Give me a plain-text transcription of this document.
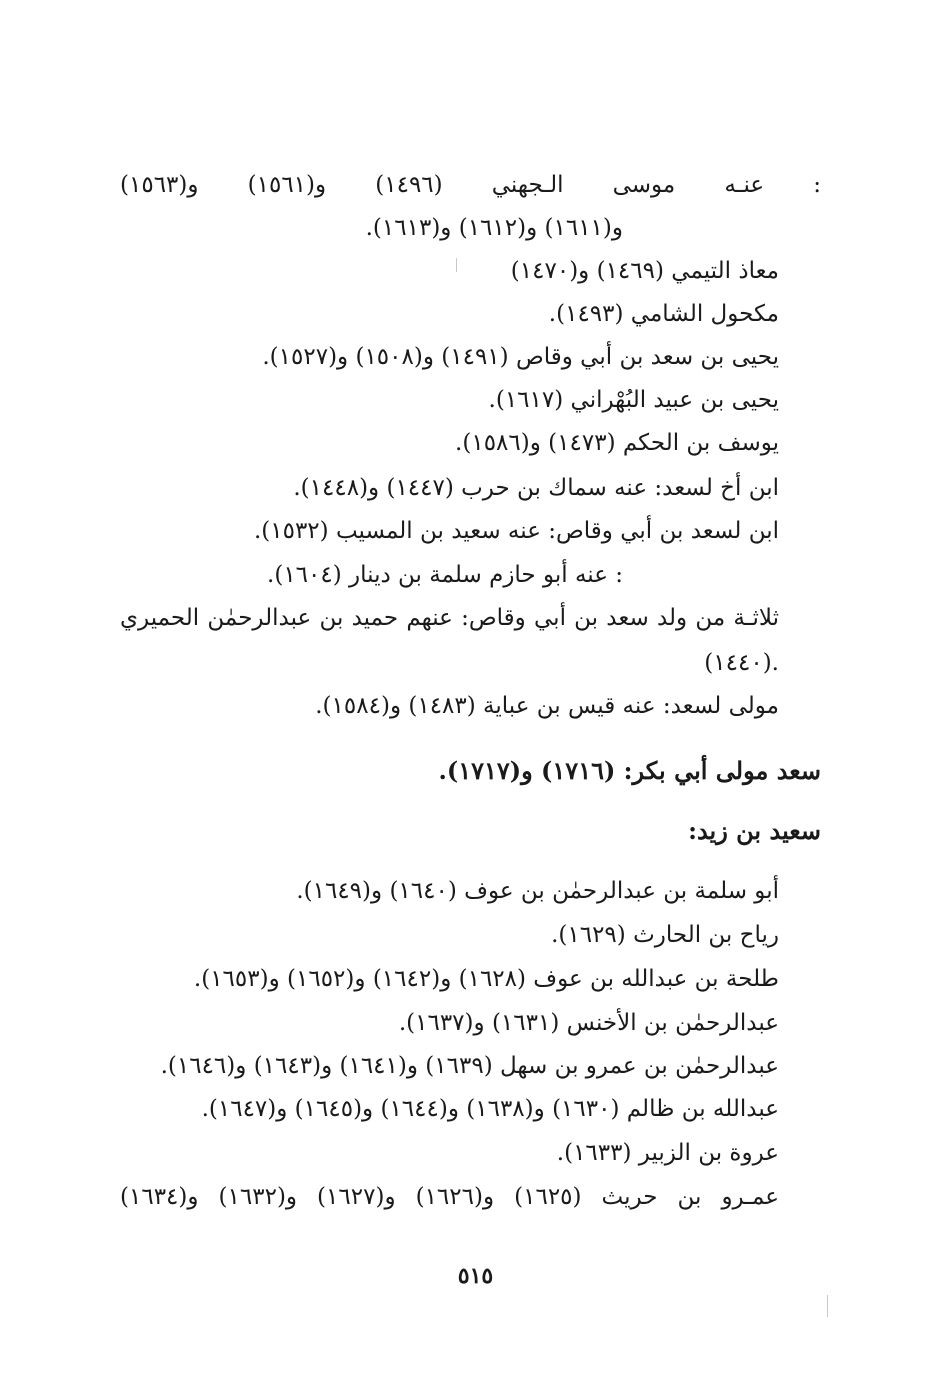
: عنـه موسى الـجهني (١٤٩٦) و(١٥٦١) و(١٥٦٣)
و(١٦١١) و(١٦١٢) و(١٦١٣).
معاذ التيمي (١٤٦٩) و(١٤٧٠)
مكحول الشامي (١٤٩٣).
يحيى بن سعد بن أبي وقاص (١٤٩١) و(١٥٠٨) و(١٥٢٧).
يحيى بن عبيد البُهْراني (١٦١٧).
يوسف بن الحكم (١٤٧٣) و(١٥٨٦).
ابن أخ لسعد: عنه سماك بن حرب (١٤٤٧) و(١٤٤٨).
ابن لسعد بن أبي وقاص: عنه سعيد بن المسيب (١٥٣٢).
: عنه أبو حازم سلمة بن دينار (١٦٠٤).
ثلاثـة من ولد سعد بن أبي وقاص: عنهم حميد بن عبدالرحمٰن الحميري
(١٤٤٠).
مولى لسعد: عنه قيس بن عباية (١٤٨٣) و(١٥٨٤).
سعد مولى أبي بكر: (١٧١٦) و(١٧١٧).
سعيد بن زيد:
أبو سلمة بن عبدالرحمٰن بن عوف (١٦٤٠) و(١٦٤٩).
رياح بن الحارث (١٦٢٩).
طلحة بن عبدالله بن عوف (١٦٢٨) و(١٦٤٢) و(١٦٥٢) و(١٦٥٣).
عبدالرحمٰن بن الأخنس (١٦٣١) و(١٦٣٧).
عبدالرحمٰن بن عمرو بن سهل (١٦٣٩) و(١٦٤١) و(١٦٤٣) و(١٦٤٦).
عبدالله بن ظالم (١٦٣٠) و(١٦٣٨) و(١٦٤٤) و(١٦٤٥) و(١٦٤٧).
عروة بن الزبير (١٦٣٣).
عمـرو بن حريث (١٦٢٥) و(١٦٢٦) و(١٦٢٧) و(١٦٣٢) و(١٦٣٤)
٥١٥
